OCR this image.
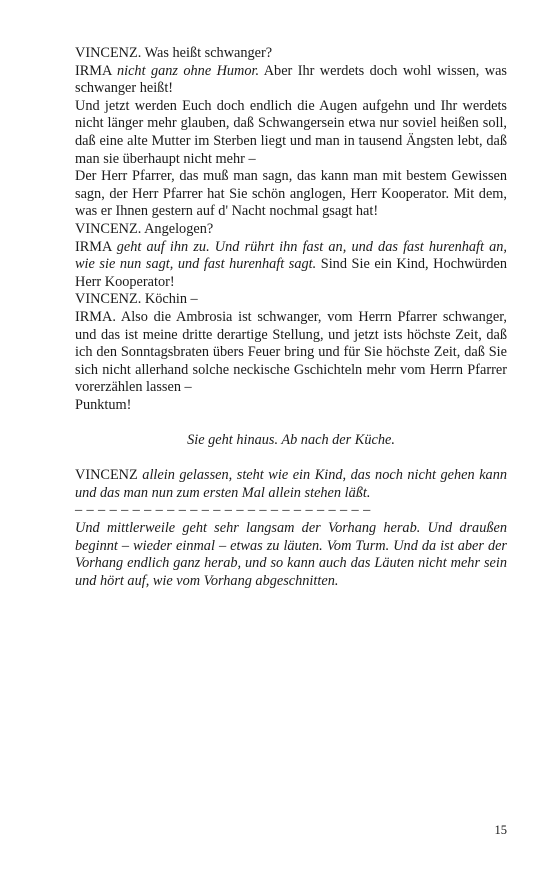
VINCENZ. Was heißt schwanger?

IRMA nicht ganz ohne Humor. Aber Ihr werdets doch wohl wissen, was schwanger heißt!

Und jetzt werden Euch doch endlich die Augen aufgehn und Ihr werdets nicht länger mehr glauben, daß Schwangersein etwa nur soviel heißen soll, daß eine alte Mutter im Sterben liegt und man in tausend Ängsten lebt, daß man sie überhaupt nicht mehr –

Der Herr Pfarrer, das muß man sagn, das kann man mit bestem Gewissen sagn, der Herr Pfarrer hat Sie schön anglogen, Herr Kooperator. Mit dem, was er Ihnen gestern auf d' Nacht nochmal gsagt hat!

VINCENZ. Angelogen?

IRMA geht auf ihn zu. Und rührt ihn fast an, und das fast hurenhaft an, wie sie nun sagt, und fast hurenhaft sagt. Sind Sie ein Kind, Hochwürden Herr Kooperator!

VINCENZ. Köchin –

IRMA. Also die Ambrosia ist schwanger, vom Herrn Pfarrer schwanger, und das ist meine dritte derartige Stellung, und jetzt ists höchste Zeit, daß ich den Sonntagsbraten übers Feuer bring und für Sie höchste Zeit, daß Sie sich nicht allerhand solche neckische Gschichteln mehr vom Herrn Pfarrer vorerzählen lassen –

Punktum!

Sie geht hinaus. Ab nach der Küche.

VINCENZ allein gelassen, steht wie ein Kind, das noch nicht gehen kann und das man nun zum ersten Mal allein stehen läßt.

– – – – – – – – – – – – – – – – – – – – – – – – – –

Und mittlerweile geht sehr langsam der Vorhang herab. Und draußen beginnt – wieder einmal – etwas zu läuten. Vom Turm. Und da ist aber der Vorhang endlich ganz herab, und so kann auch das Läuten nicht mehr sein und hört auf, wie vom Vorhang abgeschnitten.

15
